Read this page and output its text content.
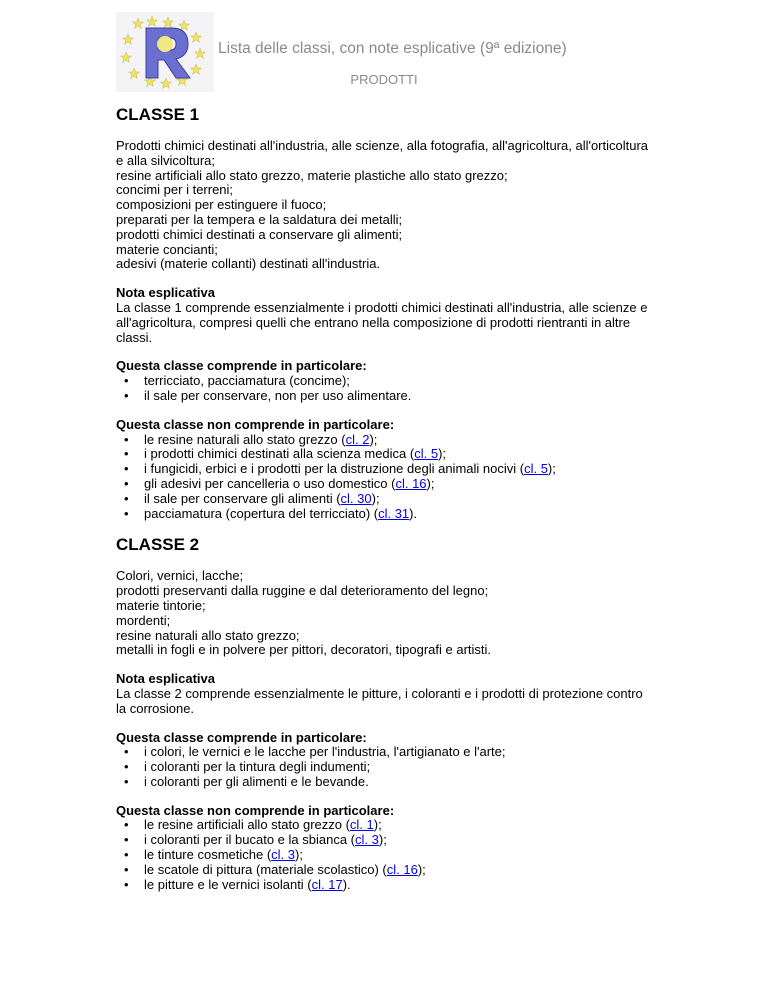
Lista delle classi, con note esplicative (9ª edizione)
PRODOTTI
CLASSE 1

Prodotti chimici destinati all'industria, alle scienze, alla fotografia, all'agricoltura, all'orticoltura e alla silvicoltura;
resine artificiali allo stato grezzo, materie plastiche allo stato grezzo;
concimi per i terreni;
composizioni per estinguere il fuoco;
preparati per la tempera e la saldatura dei metalli;
prodotti chimici destinati a conservare gli alimenti;
materie concianti;
adesivi (materie collanti) destinati all'industria.

Nota esplicativa
La classe 1 comprende essenzialmente i prodotti chimici destinati all'industria, alle scienze e all'agricoltura, compresi quelli che entrano nella composizione di prodotti rientranti in altre classi.

Questa classe comprende in particolare:
• terricciato, pacciamatura (concime);
• il sale per conservare, non per uso alimentare.
Questa classe non comprende in particolare:
• le resine naturali allo stato grezzo (cl. 2);
• i prodotti chimici destinati alla scienza medica (cl. 5);
• i fungicidi, erbici e i prodotti per la distruzione degli animali nocivi (cl. 5);
• gli adesivi per cancelleria o uso domestico (cl. 16);
• il sale per conservare gli alimenti (cl. 30);
• pacciamatura (copertura del terricciato) (cl. 31).
CLASSE 2

Colori, vernici, lacche;
prodotti preservanti dalla ruggine e dal deterioramento del legno;
materie tintorie;
mordenti;
resine naturali allo stato grezzo;
metalli in fogli e in polvere per pittori, decoratori, tipografi e artisti.

Nota esplicativa
La classe 2 comprende essenzialmente le pitture, i coloranti e i prodotti di protezione contro la corrosione.

Questa classe comprende in particolare:
• i colori, le vernici e le lacche per l'industria, l'artigianato e l'arte;
• i coloranti per la tintura degli indumenti;
• i coloranti per gli alimenti e le bevande.
Questa classe non comprende in particolare:
• le resine artificiali allo stato grezzo (cl. 1);
• i coloranti per il bucato e la sbianca (cl. 3);
• le tinture cosmetiche (cl. 3);
• le scatole di pittura (materiale scolastico) (cl. 16);
• le pitture e le vernici isolanti (cl. 17).
